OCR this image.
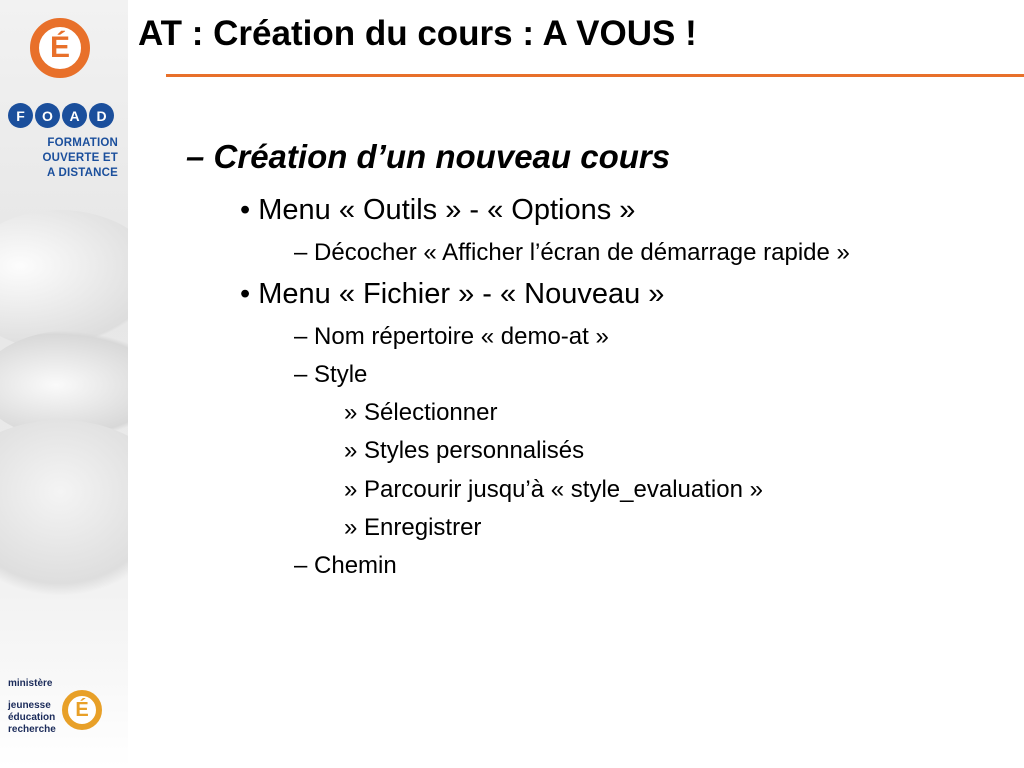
É
F	O	A	D
FORMATION
OUVERTE ET
A DISTANCE
ministère
jeunesse
éducation
recherche
É
AT : Création du cours : A VOUS !
– Création d’un nouveau cours
• Menu « Outils » - « Options »
– Décocher « Afficher l’écran de démarrage rapide »
• Menu « Fichier » - « Nouveau »
– Nom répertoire « demo-at »
– Style
» Sélectionner
» Styles personnalisés
» Parcourir jusqu’à « style_evaluation »
» Enregistrer
– Chemin
